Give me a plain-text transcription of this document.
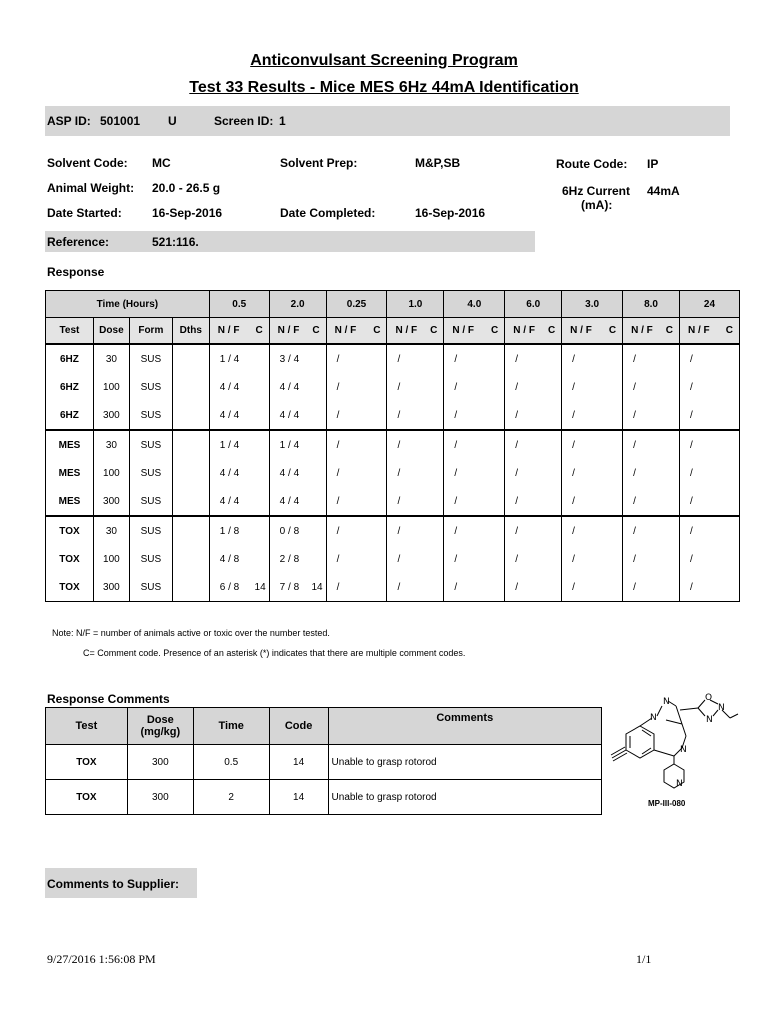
Anticonvulsant Screening Program
Test 33 Results - Mice MES 6Hz 44mA Identification
ASP ID: 501001 U	Screen ID: 1
Solvent Code: MC	Solvent Prep:	M&P,SB	Route Code: IP
Animal Weight: 20.0 - 26.5 g	6Hz Current
(mA):
44mA
Date Started:	16-Sep-2016	Date Completed:	16-Sep-2016
Reference:	521:116.
Response
Time (Hours)				0.5	2.0	0.25	1.0	4.0	6.0	3.0	8.0	24
Test	Dose	Form	Dths	N / F C	N / F C	N / F C	N / F C	N / F C	N / F C	N / F C	N / F C	N / F C

6HZ	30	SUS		1 / 4	3 / 4	/	/	/	/	/	/	/

6HZ	100	SUS		4 / 4	4 / 4	/	/	/	/	/	/	/

6HZ	300	SUS		4 / 4	4 / 4	/	/	/	/	/	/	/

MES	30	SUS		1 / 4	1 / 4	/	/	/	/	/	/	/

MES	100	SUS		4 / 4	4 / 4	/	/	/	/	/	/	/

MES	300	SUS		4 / 4	4 / 4	/	/	/	/	/	/	/

TOX	30	SUS		1 / 8	0 / 8	/	/	/	/	/	/	/

TOX	100	SUS		4 / 8	2 / 8	/	/	/	/	/	/	/

TOX	300	SUS		6 / 8 14	7 / 8 14	/	/	/	/	/	/	/
Note: N/F = number of animals active or toxic over the number tested.
C= Comment code. Presence of an asterisk (*) indicates that there are multiple comment codes.
Response Comments
Test	Dose
(mg/kg)	Time	Code	Comments
TOX	300	0.5	14	Unable to grasp rotorod
TOX	300	2	14	Unable to grasp rotorod
N
N	O
N
N
N
N
MP-III-080
Comments to Supplier:
9/27/2016 1:56:08 PM	1/1
